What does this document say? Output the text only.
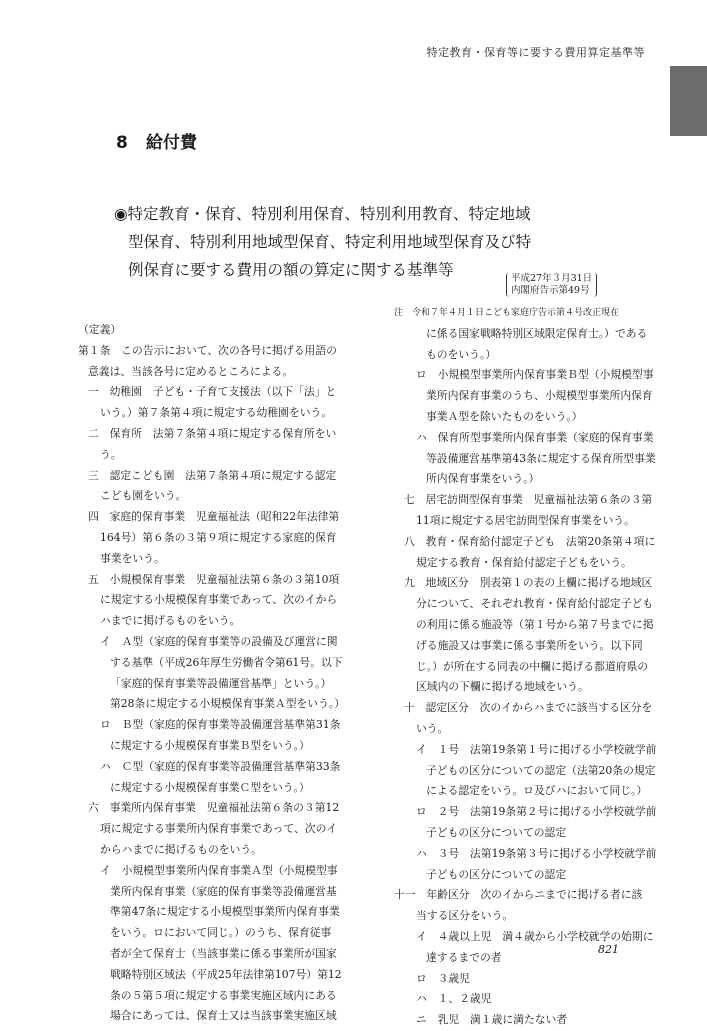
特定教育・保育等に要する費用算定基準等
8 給付費
◉特定教育・保育、特別利用保育、特別利用教育、特定地域
型保育、特別利用地域型保育、特定利用地域型保育及び特
例保育に要する費用の額の算定に関する基準等	平成27年３月31日
内閣府告示第49号

（定義）

第１条　この告示において、次の各号に掲げる用語の

意義は、当該各号に定めるところによる。

一　幼稚園　子ども・子育て支援法（以下「法」と

いう。）第７条第４項に規定する幼稚園をいう。

二　保育所　法第７条第４項に規定する保育所をい

う。

三　認定こども園　法第７条第４項に規定する認定

こども園をいう。

四　家庭的保育事業　児童福祉法（昭和22年法律第

164号）第６条の３第９項に規定する家庭的保育

事業をいう。

五　小規模保育事業　児童福祉法第６条の３第10項

に規定する小規模保育事業であって、次のイから

ハまでに掲げるものをいう。

イ　Ａ型（家庭的保育事業等の設備及び運営に関

する基準（平成26年厚生労働省令第61号。以下

「家庭的保育事業等設備運営基準」という。）

第28条に規定する小規模保育事業Ａ型をいう。）

ロ　Ｂ型（家庭的保育事業等設備運営基準第31条

に規定する小規模保育事業Ｂ型をいう。）

ハ　Ｃ型（家庭的保育事業等設備運営基準第33条

に規定する小規模保育事業Ｃ型をいう。）

六　事業所内保育事業　児童福祉法第６条の３第12

項に規定する事業所内保育事業であって、次のイ

からハまでに掲げるものをいう。

イ　小規模型事業所内保育事業Ａ型（小規模型事

業所内保育事業（家庭的保育事業等設備運営基

準第47条に規定する小規模型事業所内保育事業

をいう。ロにおいて同じ。）のうち、保育従事

者が全て保育士（当該事業に係る事業所が国家

戦略特別区域法（平成25年法律第107号）第12

条の５第５項に規定する事業実施区域内にある

場合にあっては、保育士又は当該事業実施区域

注　令和７年４月１日こども家庭庁告示第４号改正現在

に係る国家戦略特別区域限定保育士。）である

ものをいう。）

ロ　小規模型事業所内保育事業Ｂ型（小規模型事

業所内保育事業のうち、小規模型事業所内保育

事業Ａ型を除いたものをいう。）

ハ　保育所型事業所内保育事業（家庭的保育事業

等設備運営基準第43条に規定する保育所型事業

所内保育事業をいう。）

七　居宅訪問型保育事業　児童福祉法第６条の３第

11項に規定する居宅訪問型保育事業をいう。

八　教育・保育給付認定子ども　法第20条第４項に

規定する教育・保育給付認定子どもをいう。

九　地域区分　別表第１の表の上欄に掲げる地域区

分について、それぞれ教育・保育給付認定子ども

の利用に係る施設等（第１号から第７号までに掲

げる施設又は事業に係る事業所をいう。以下同

じ。）が所在する同表の中欄に掲げる都道府県の

区域内の下欄に掲げる地域をいう。

十　認定区分　次のイからハまでに該当する区分を

いう。

イ　１号　法第19条第１号に掲げる小学校就学前

子どもの区分についての認定（法第20条の規定

による認定をいう。ロ及びハにおいて同じ。）

ロ　２号　法第19条第２号に掲げる小学校就学前

子どもの区分についての認定

ハ　３号　法第19条第３号に掲げる小学校就学前

子どもの区分についての認定

十一　年齢区分　次のイからニまでに掲げる者に該

当する区分をいう。

イ　４歳以上児　満４歳から小学校就学の始期に

達するまでの者

ロ　３歳児

ハ　１、２歳児

ニ　乳児　満１歳に満たない者

821
